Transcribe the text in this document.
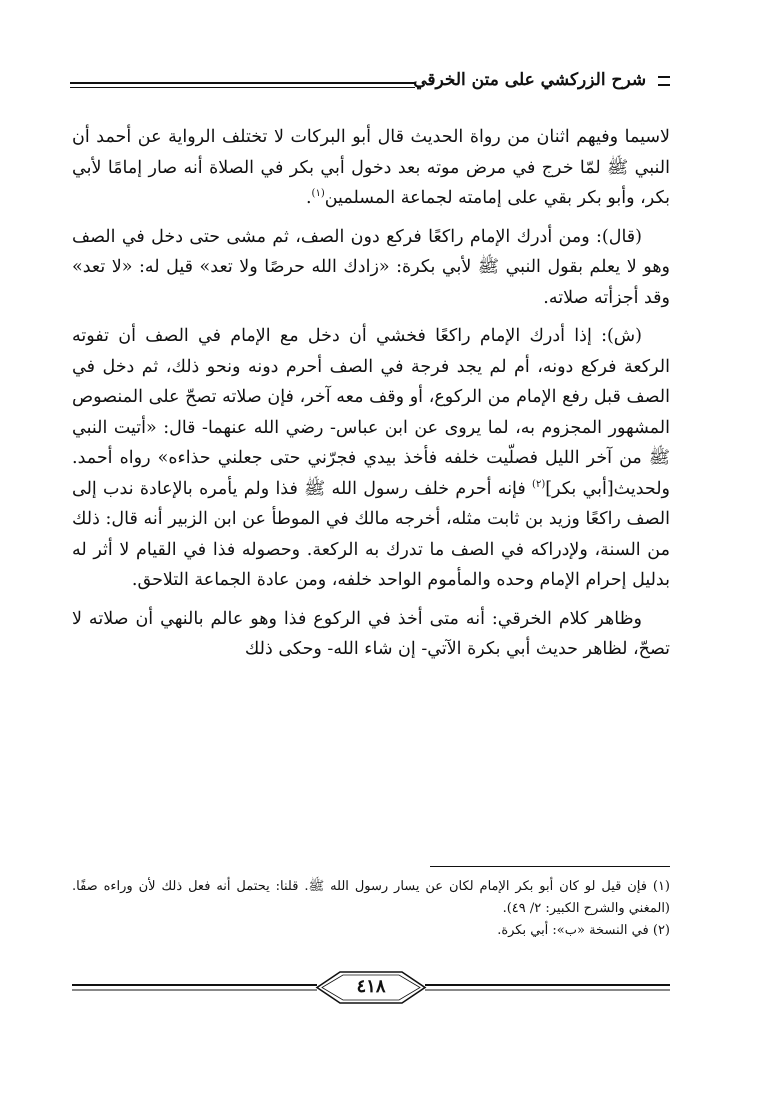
شرح الزركشي على متن الخرقي

لاسيما وفيهم اثنان من رواة الحديث قال أبو البركات لا تختلف الرواية عن أحمد أن النبي ﷺ لمّا خرج في مرض موته بعد دخول أبي بكر في الصلاة أنه صار إمامًا لأبي بكر، وأبو بكر بقي على إمامته لجماعة المسلمين$^{(١)}$.

(قال): ومن أدرك الإمام راكعًا فركع دون الصف، ثم مشى حتى دخل في الصف وهو لا يعلم بقول النبي ﷺ لأبي بكرة: «زادك الله حرصًا ولا تعد» قيل له: «لا تعد» وقد أجزأته صلاته.

(ش): إذا أدرك الإمام راكعًا فخشي أن دخل مع الإمام في الصف أن تفوته الركعة فركع دونه، أم لم يجد فرجة في الصف أحرم دونه ونحو ذلك، ثم دخل في الصف قبل رفع الإمام من الركوع، أو وقف معه آخر، فإن صلاته تصحّ على المنصوص المشهور المجزوم به، لما يروى عن ابن عباس- رضي الله عنهما- قال: «أتيت النبي ﷺ من آخر الليل فصلّيت خلفه فأخذ بيدي فجرّني حتى جعلني حذاءه» رواه أحمد. ولحديث[أبي بكر]$^{(٢)}$ فإنه أحرم خلف رسول الله ﷺ فذا ولم يأمره بالإعادة ندب إلى الصف راكعًا وزيد بن ثابت مثله، أخرجه مالك في الموطأ عن ابن الزبير أنه قال: ذلك من السنة، ولإدراكه في الصف ما تدرك به الركعة. وحصوله فذا في القيام لا أثر له بدليل إحرام الإمام وحده والمأموم الواحد خلفه، ومن عادة الجماعة التلاحق.

وظاهر كلام الخرقي: أنه متى أخذ في الركوع فذا وهو عالم بالنهي أن صلاته لا تصحّ، لظاهر حديث أبي بكرة الآتي- إن شاء الله- وحكى ذلك

(١) فإن قيل لو كان أبو بكر الإمام لكان عن يسار رسول الله ﷺ. قلنا: يحتمل أنه فعل ذلك لأن وراءه صفًا. (المغني والشرح الكبير: ٢/ ٤٩).

(٢) في النسخة «ب»: أبي بكرة.

٤١٨
